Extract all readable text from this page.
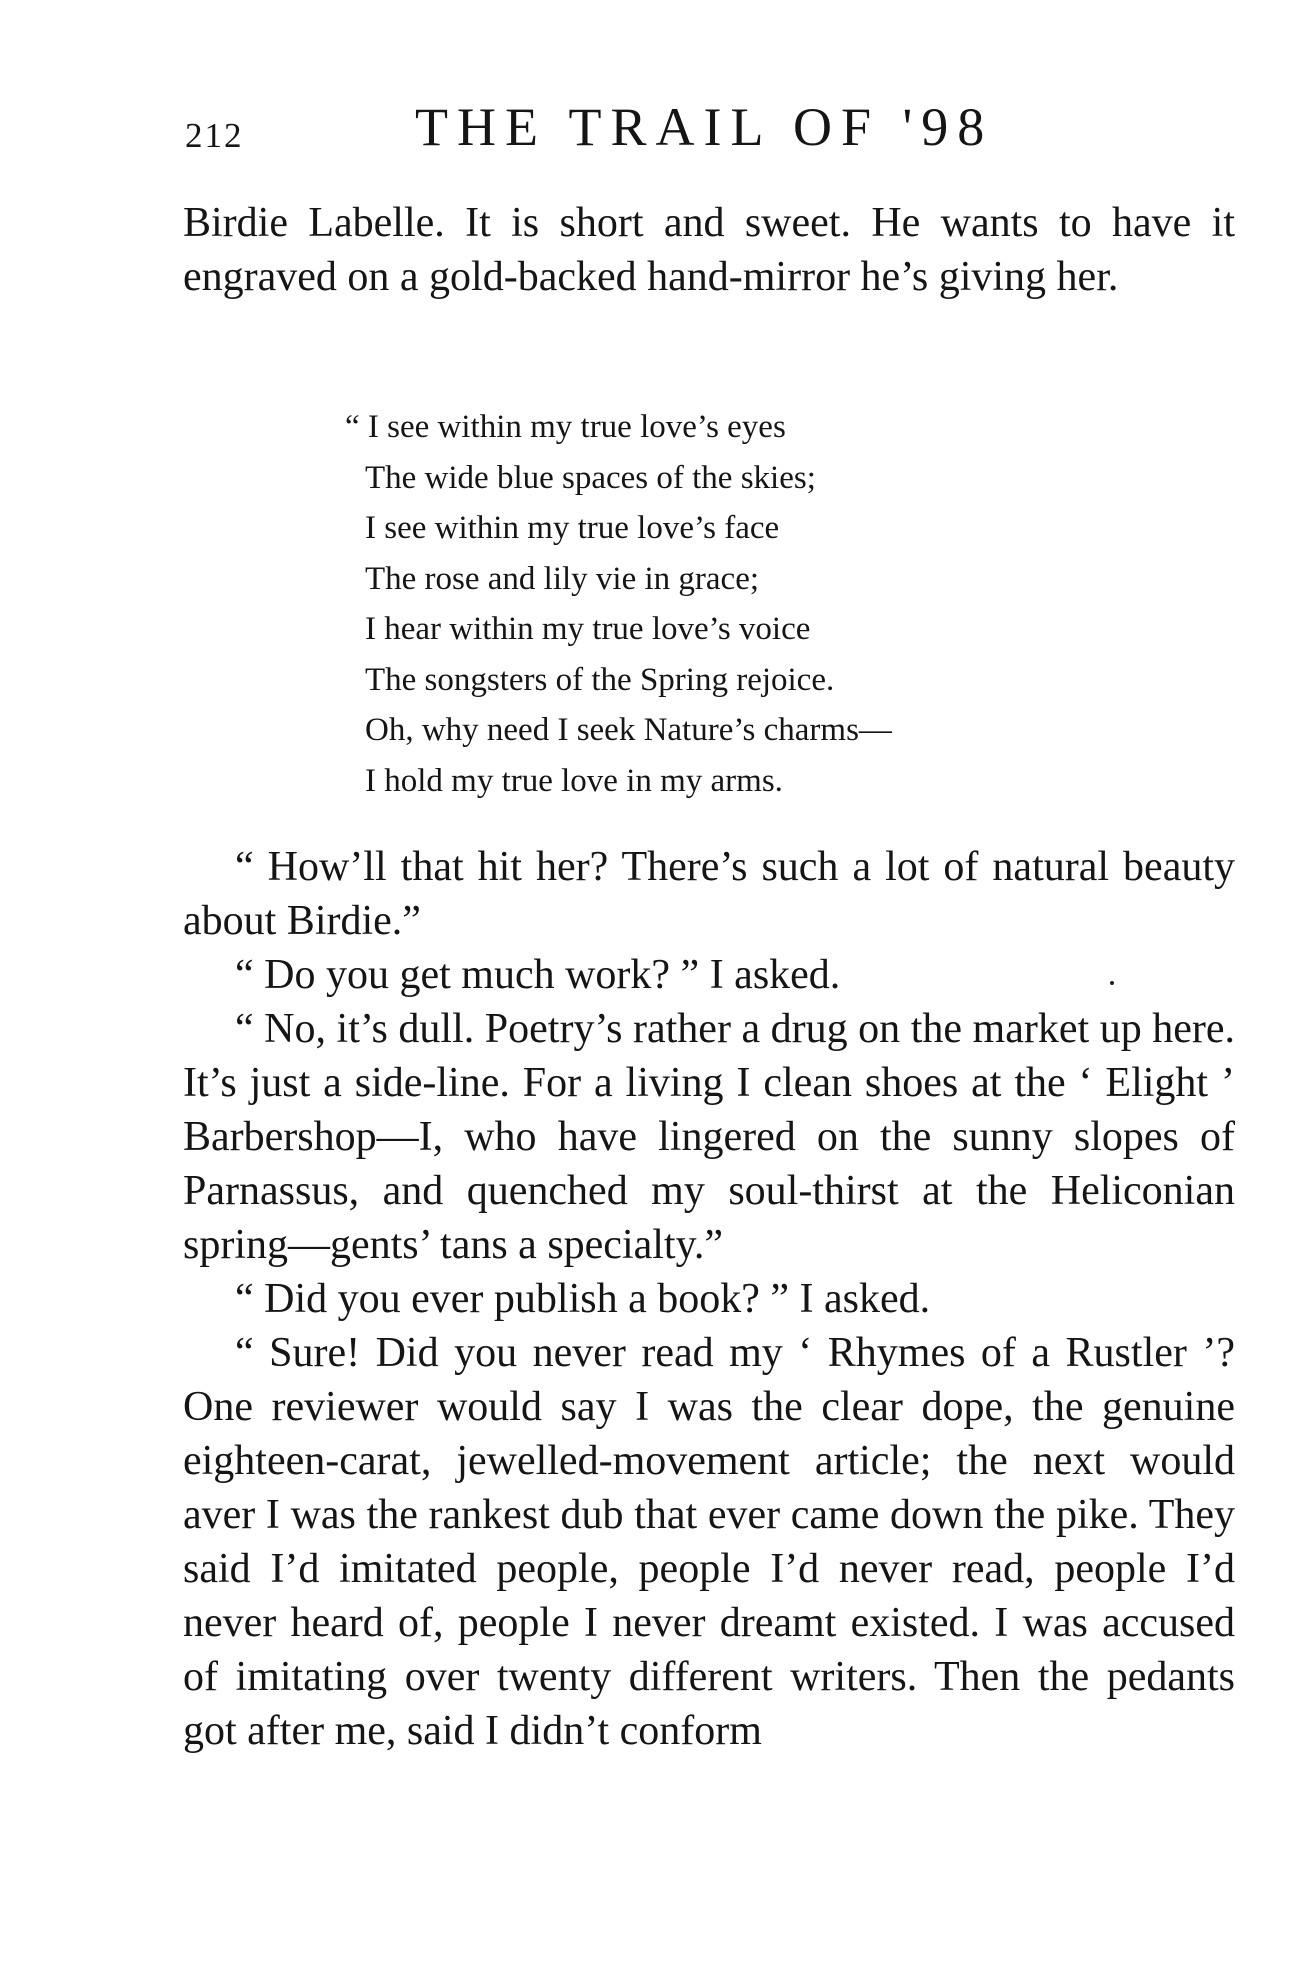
212	THE TRAIL OF '98

Birdie Labelle. It is short and sweet. He wants to have it engraved on a gold-backed hand-mirror he’s giving her.

“ I see within my true love’s eyes
The wide blue spaces of the skies;
I see within my true love’s face
The rose and lily vie in grace;
I hear within my true love’s voice
The songsters of the Spring rejoice.
Oh, why need I seek Nature’s charms—
I hold my true love in my arms.

“ How’ll that hit her? There’s such a lot of natural beauty about Birdie.”

“ Do you get much work? ” I asked.

“ No, it’s dull. Poetry’s rather a drug on the market up here. It’s just a side-line. For a living I clean shoes at the ‘ Elight ’ Barbershop—I, who have lingered on the sunny slopes of Parnassus, and quenched my soul-thirst at the Heliconian spring—gents’ tans a specialty.”

“ Did you ever publish a book? ” I asked.

“ Sure! Did you never read my ‘ Rhymes of a Rustler ’? One reviewer would say I was the clear dope, the genuine eighteen-carat, jewelled-movement article; the next would aver I was the rankest dub that ever came down the pike. They said I’d imitated people, people I’d never read, people I’d never heard of, people I never dreamt existed. I was accused of imitating over twenty different writers. Then the pedants got after me, said I didn’t conform
